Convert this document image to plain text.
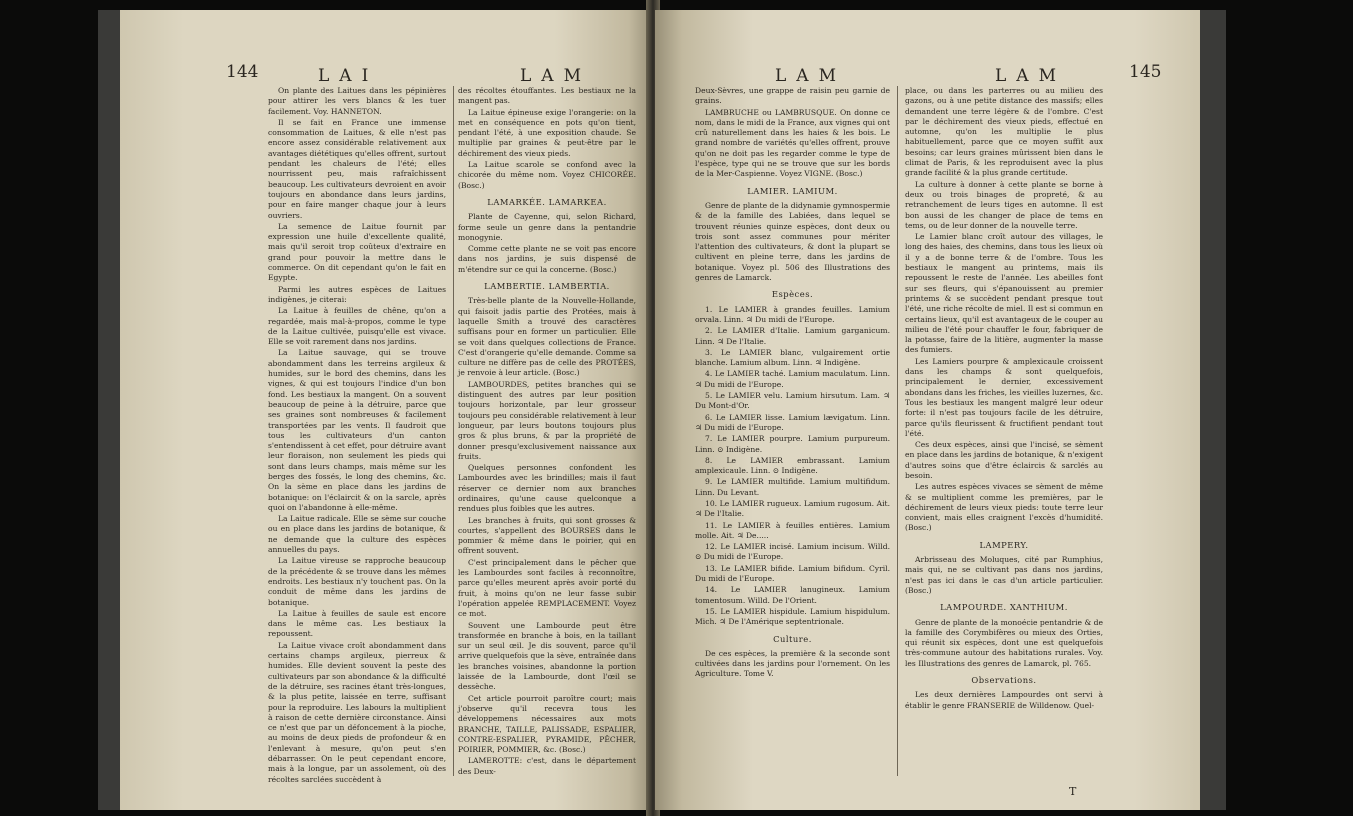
144	LAI	LAM

On plante des Laitues dans les pépinières pour attirer les vers blancs & les tuer facilement. Voy. HANNETON.

Il se fait en France une immense consommation de Laitues, & elle n'est pas encore assez considérable relativement aux avantages diététiques qu'elles offrent, surtout pendant les chaleurs de l'été; elles nourrissent peu, mais rafraîchissent beaucoup. Les cultivateurs devroient en avoir toujours en abondance dans leurs jardins, pour en faire manger chaque jour à leurs ouvriers.

La semence de Laitue fournit par expression une huile d'excellente qualité, mais qu'il seroit trop coûteux d'extraire en grand pour pouvoir la mettre dans le commerce. On dit cependant qu'on le fait en Egypte.

Parmi les autres espèces de Laitues indigènes, je citerai:

La Laitue à feuilles de chêne, qu'on a regardée, mais mal-à-propos, comme le type de la Laitue cultivée, puisqu'elle est vivace. Elle se voit rarement dans nos jardins.

La Laitue sauvage, qui se trouve abondamment dans les terreins argileux & humides, sur le bord des chemins, dans les vignes, & qui est toujours l'indice d'un bon fond. Les bestiaux la mangent. On a souvent beaucoup de peine à la détruire, parce que ses graines sont nombreuses & facilement transportées par les vents. Il faudroit que tous les cultivateurs d'un canton s'entendissent à cet effet, pour détruire avant leur floraison, non seulement les pieds qui sont dans leurs champs, mais même sur les berges des fossés, le long des chemins, &c. On la sème en place dans les jardins de botanique: on l'éclaircit & on la sarcle, après quoi on l'abandonne à elle-même.

La Laitue radicale. Elle se sème sur couche ou en place dans les jardins de botanique, & ne demande que la culture des espèces annuelles du pays.

La Laitue vireuse se rapproche beaucoup de la précédente & se trouve dans les mêmes endroits. Les bestiaux n'y touchent pas. On la conduit de même dans les jardins de botanique.

La Laitue à feuilles de saule est encore dans le même cas. Les bestiaux la repoussent.

La Laitue vivace croît abondamment dans certains champs argileux, pierreux & humides. Elle devient souvent la peste des cultivateurs par son abondance & la difficulté de la détruire, ses racines étant très-longues, & la plus petite, laissée en terre, suffisant pour la reproduire. Les labours la multiplient à raison de cette dernière circonstance. Ainsi ce n'est que par un défoncement à la pioche, au moins de deux pieds de profondeur & en l'enlevant à mesure, qu'on peut s'en débarrasser. On le peut cependant encore, mais à la longue, par un assolement, où des récoltes sarclées succèdent à

des récoltes étouffantes. Les bestiaux ne la mangent pas.

La Laitue épineuse exige l'orangerie: on la met en conséquence en pots qu'on tient, pendant l'été, à une exposition chaude. Se multiplie par graines & peut-être par le déchirement des vieux pieds.

La Laitue scarole se confond avec la chicorée du même nom. Voyez CHICORÉE. (Bosc.)

LAMARKÉE. LAMARKEA.

Plante de Cayenne, qui, selon Richard, forme seule un genre dans la pentandrie monogynie.

Comme cette plante ne se voit pas encore dans nos jardins, je suis dispensé de m'étendre sur ce qui la concerne. (Bosc.)

LAMBERTIE. LAMBERTIA.

Très-belle plante de la Nouvelle-Hollande, qui faisoit jadis partie des Protées, mais à laquelle Smith a trouvé des caractères suffisans pour en former un particulier. Elle se voit dans quelques collections de France. C'est d'orangerie qu'elle demande. Comme sa culture ne diffère pas de celle des PROTÉES, je renvoie à leur article. (Bosc.)

LAMBOURDES, petites branches qui se distinguent des autres par leur position toujours horizontale, par leur grosseur toujours peu considérable relativement à leur longueur, par leurs boutons toujours plus gros & plus bruns, & par la propriété de donner presqu'exclusivement naissance aux fruits.

Quelques personnes confondent les Lambourdes avec les brindilles; mais il faut réserver ce dernier nom aux branches ordinaires, qu'une cause quelconque a rendues plus foibles que les autres.

Les branches à fruits, qui sont grosses & courtes, s'appellent des BOURSES dans le pommier & même dans le poirier, qui en offrent souvent.

C'est principalement dans le pêcher que les Lambourdes sont faciles à reconnoître, parce qu'elles meurent après avoir porté du fruit, à moins qu'on ne leur fasse subir l'opération appelée REMPLACEMENT. Voyez ce mot.

Souvent une Lambourde peut être transformée en branche à bois, en la taillant sur un seul œil. Je dis souvent, parce qu'il arrive quelquefois que la sève, entraînée dans les branches voisines, abandonne la portion laissée de la Lambourde, dont l'œil se dessèche.

Cet article pourroit paroître court; mais j'observe qu'il recevra tous les développemens nécessaires aux mots BRANCHE, TAILLE, PALISSADE, ESPALIER, CONTRE-ESPALIER, PYRAMIDE, PÊCHER, POIRIER, POMMIER, &c. (Bosc.)

LAMEROTTE: c'est, dans le département des Deux-

LAM	LAM	145

Deux-Sèvres, une grappe de raisin peu garnie de grains.

LAMBRUCHE ou LAMBRUSQUE. On donne ce nom, dans le midi de la France, aux vignes qui ont crû naturellement dans les haies & les bois. Le grand nombre de variétés qu'elles offrent, prouve qu'on ne doit pas les regarder comme le type de l'espèce, type qui ne se trouve que sur les bords de la Mer-Caspienne. Voyez VIGNE. (Bosc.)

LAMIER. LAMIUM.

Genre de plante de la didynamie gymnospermie & de la famille des Labiées, dans lequel se trouvent réunies quinze espèces, dont deux ou trois sont assez communes pour mériter l'attention des cultivateurs, & dont la plupart se cultivent en pleine terre, dans les jardins de botanique. Voyez pl. 506 des Illustrations des genres de Lamarck.

Espèces.

1. Le LAMIER à grandes feuilles. Lamium orvala. Linn. ♃ Du midi de l'Europe.

2. Le LAMIER d'Italie. Lamium garganicum. Linn. ♃ De l'Italie.

3. Le LAMIER blanc, vulgairement ortie blanche. Lamium album. Linn. ♃ Indigène.

4. Le LAMIER taché. Lamium maculatum. Linn. ♃ Du midi de l'Europe.

5. Le LAMIER velu. Lamium hirsutum. Lam. ♃ Du Mont-d'Or.

6. Le LAMIER lisse. Lamium lævigatum. Linn. ♃ Du midi de l'Europe.

7. Le LAMIER pourpre. Lamium purpureum. Linn. ⊙ Indigène.

8. Le LAMIER embrassant. Lamium amplexicaule. Linn. ⊙ Indigène.

9. Le LAMIER multifide. Lamium multifidum. Linn. Du Levant.

10. Le LAMIER rugueux. Lamium rugosum. Ait. ♃ De l'Italie.

11. Le LAMIER à feuilles entières. Lamium molle. Ait. ♃ De.....

12. Le LAMIER incisé. Lamium incisum. Willd. ⊙ Du midi de l'Europe.

13. Le LAMIER bifide. Lamium bifidum. Cyril. Du midi de l'Europe.

14. Le LAMIER lanugineux. Lamium tomentosum. Willd. De l'Orient.

15. Le LAMIER hispidule. Lamium hispidulum. Mich. ♃ De l'Amérique septentrionale.

Culture.

De ces espèces, la première & la seconde sont cultivées dans les jardins pour l'ornement. On les Agriculture. Tome V.

place, ou dans les parterres ou au milieu des gazons, ou à une petite distance des massifs; elles demandent une terre légère & de l'ombre. C'est par le déchirement des vieux pieds, effectué en automne, qu'on les multiplie le plus habituellement, parce que ce moyen suffit aux besoins; car leurs graines mûrissent bien dans le climat de Paris, & les reproduisent avec la plus grande facilité & la plus grande certitude.

La culture à donner à cette plante se borne à deux ou trois binages de propreté, & au retranchement de leurs tiges en automne. Il est bon aussi de les changer de place de tems en tems, ou de leur donner de la nouvelle terre.

Le Lamier blanc croît autour des villages, le long des haies, des chemins, dans tous les lieux où il y a de bonne terre & de l'ombre. Tous les bestiaux le mangent au printems, mais ils repoussent le reste de l'année. Les abeilles font sur ses fleurs, qui s'épanouissent au premier printems & se succèdent pendant presque tout l'été, une riche récolte de miel. Il est si commun en certains lieux, qu'il est avantageux de le couper au milieu de l'été pour chauffer le four, fabriquer de la potasse, faire de la litière, augmenter la masse des fumiers.

Les Lamiers pourpre & amplexicaule croissent dans les champs & sont quelquefois, principalement le dernier, excessivement abondans dans les friches, les vieilles luzernes, &c. Tous les bestiaux les mangent malgré leur odeur forte: il n'est pas toujours facile de les détruire, parce qu'ils fleurissent & fructifient pendant tout l'été.

Ces deux espèces, ainsi que l'incisé, se sèment en place dans les jardins de botanique, & n'exigent d'autres soins que d'être éclaircis & sarclés au besoin.

Les autres espèces vivaces se sèment de même & se multiplient comme les premières, par le déchirement de leurs vieux pieds: toute terre leur convient, mais elles craignent l'excès d'humidité. (Bosc.)

LAMPERY.

Arbrisseau des Moluques, cité par Rumphius, mais qui, ne se cultivant pas dans nos jardins, n'est pas ici dans le cas d'un article particulier. (Bosc.)

LAMPOURDE. XANTHIUM.

Genre de plante de la monoécie pentandrie & de la famille des Corymbifères ou mieux des Orties, qui réunit six espèces, dont une est quelquefois très-commune autour des habitations rurales. Voy. les Illustrations des genres de Lamarck, pl. 765.

Observations.

Les deux dernières Lampourdes ont servi à établir le genre FRANSERIE de Willdenow. Quel-

T
